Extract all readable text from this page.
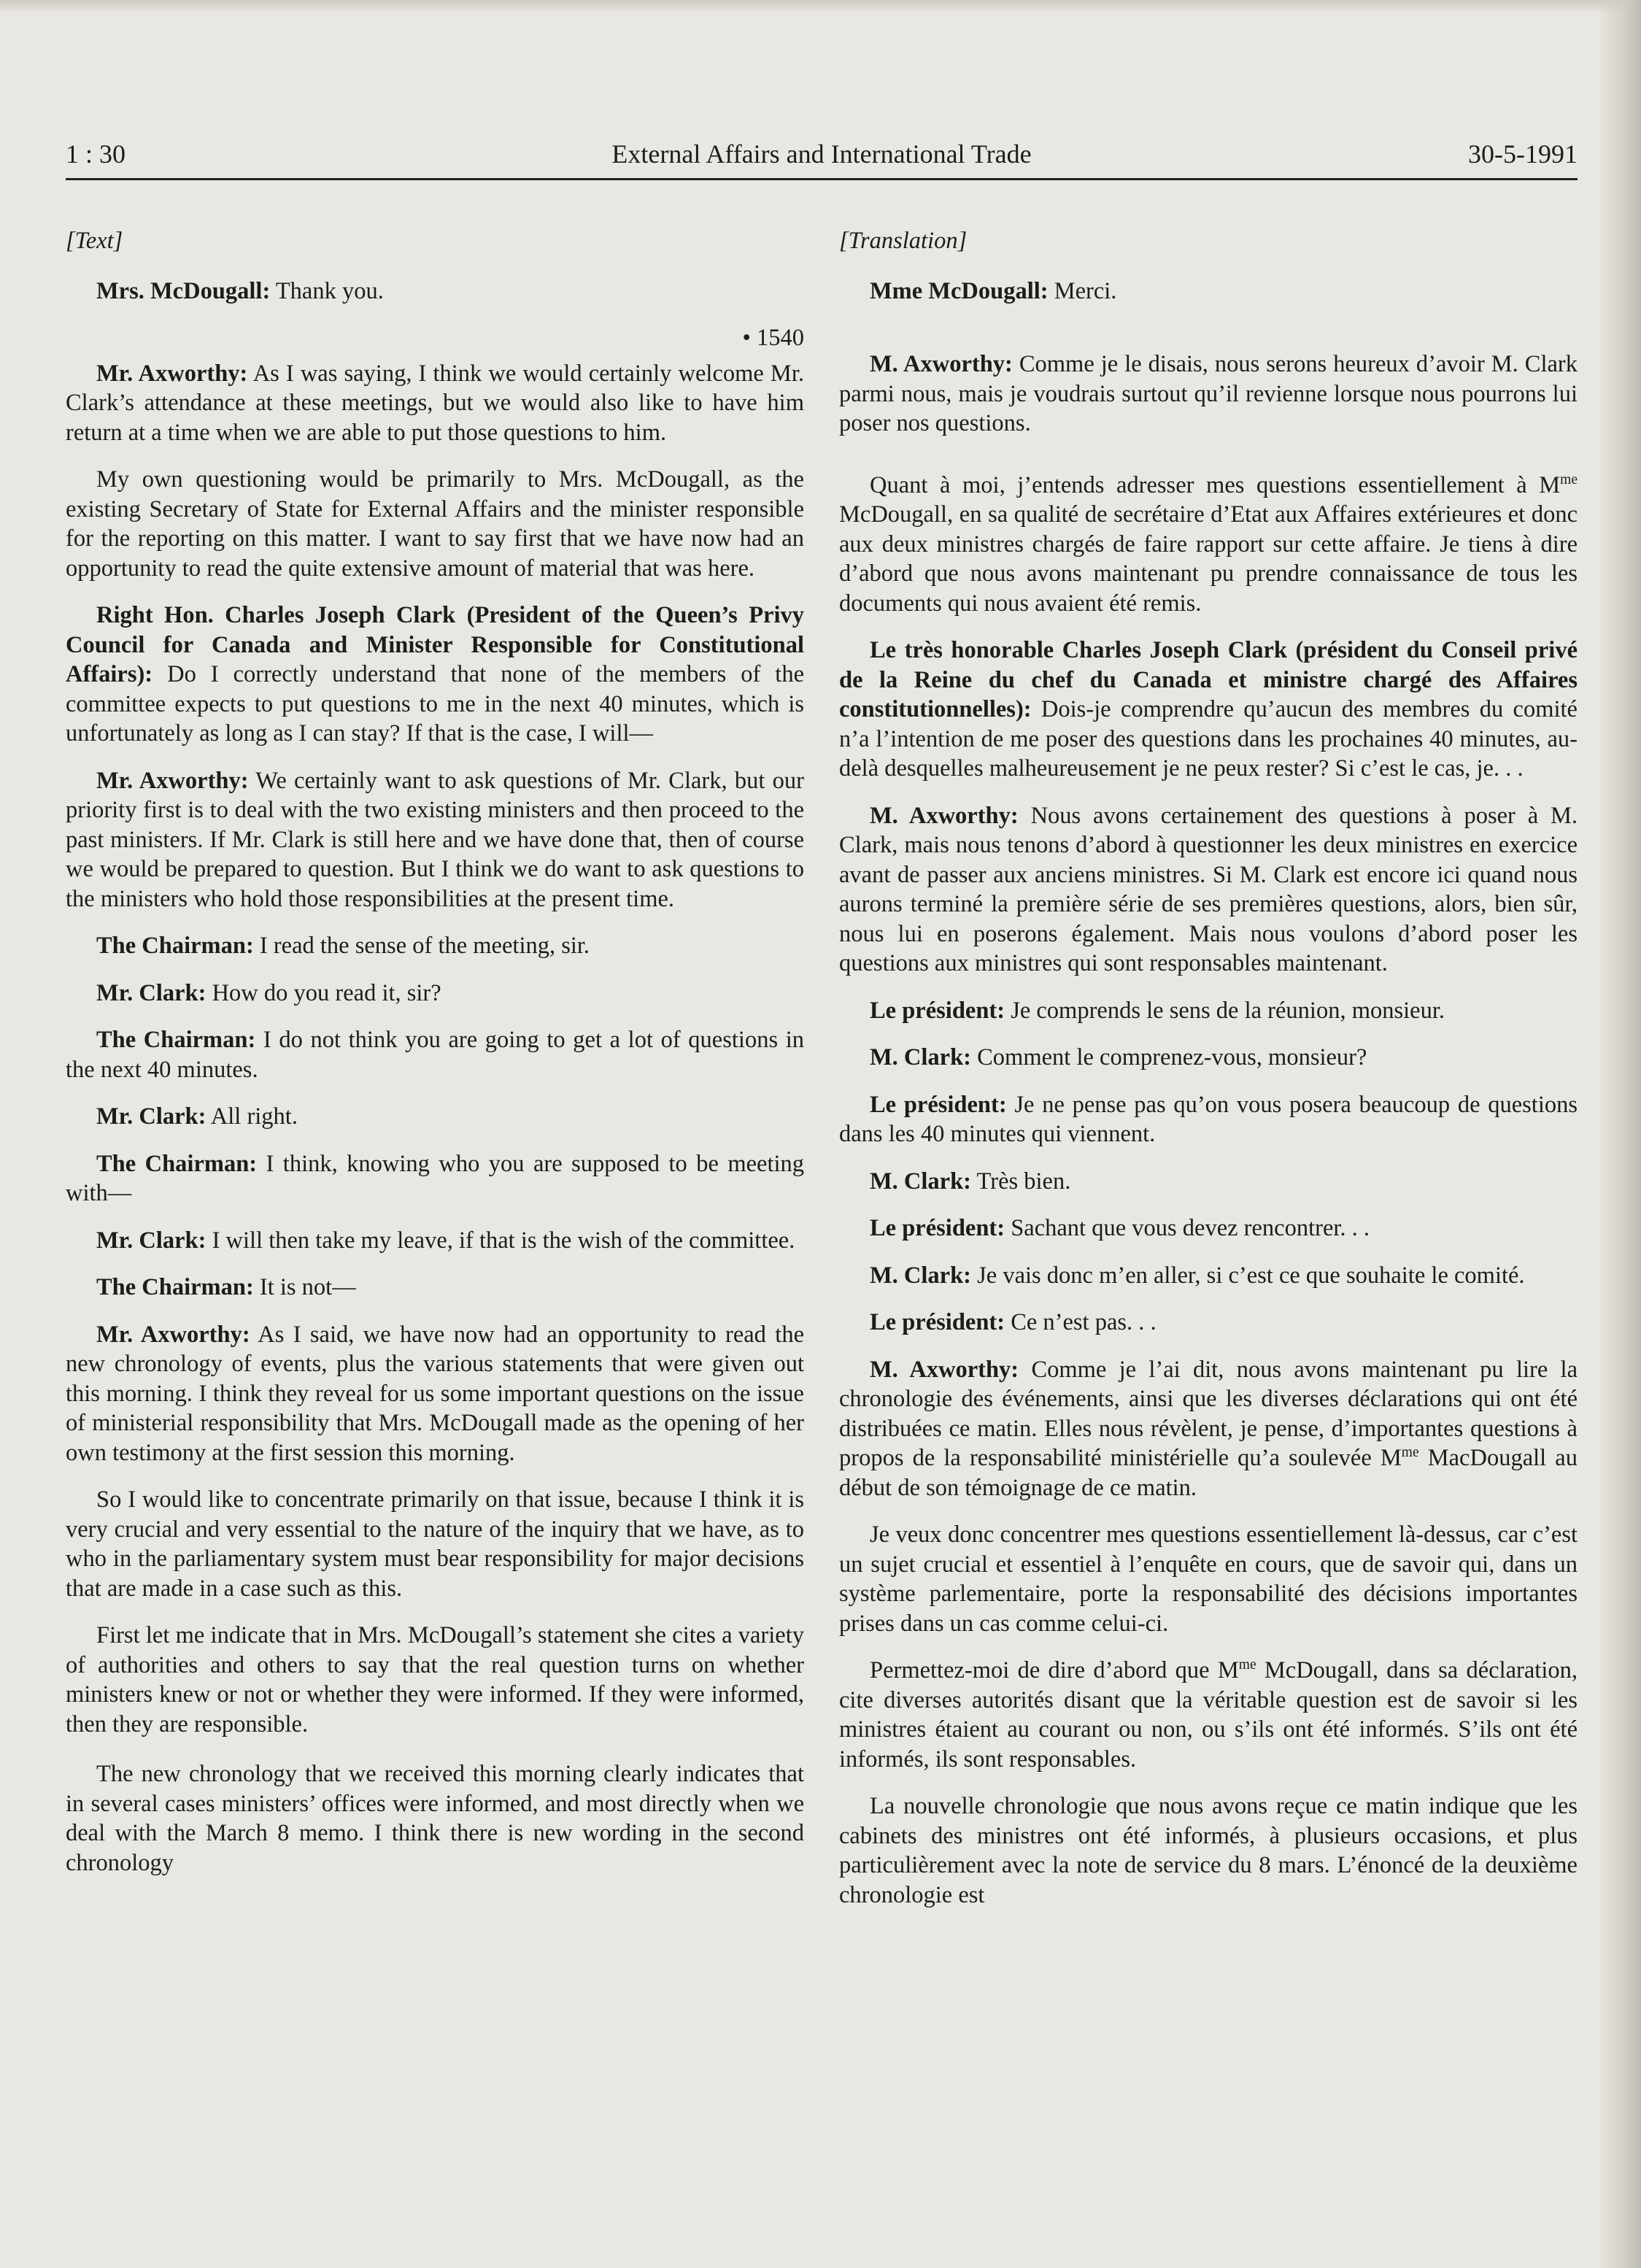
1 : 30	External Affairs and International Trade	30-5-1991
[Text]

Mrs. McDougall: Thank you.

• 1540

Mr. Axworthy: As I was saying, I think we would certainly welcome Mr. Clark’s attendance at these meetings, but we would also like to have him return at a time when we are able to put those questions to him.

My own questioning would be primarily to Mrs. McDougall, as the existing Secretary of State for External Affairs and the minister responsible for the reporting on this matter. I want to say first that we have now had an opportunity to read the quite extensive amount of material that was here.

Right Hon. Charles Joseph Clark (President of the Queen’s Privy Council for Canada and Minister Responsible for Constitutional Affairs): Do I correctly understand that none of the members of the committee expects to put questions to me in the next 40 minutes, which is unfortunately as long as I can stay? If that is the case, I will—

Mr. Axworthy: We certainly want to ask questions of Mr. Clark, but our priority first is to deal with the two existing ministers and then proceed to the past ministers. If Mr. Clark is still here and we have done that, then of course we would be prepared to question. But I think we do want to ask questions to the ministers who hold those responsibilities at the present time.

The Chairman: I read the sense of the meeting, sir.

Mr. Clark: How do you read it, sir?

The Chairman: I do not think you are going to get a lot of questions in the next 40 minutes.

Mr. Clark: All right.

The Chairman: I think, knowing who you are supposed to be meeting with—

Mr. Clark: I will then take my leave, if that is the wish of the committee.

The Chairman: It is not—

Mr. Axworthy: As I said, we have now had an opportunity to read the new chronology of events, plus the various statements that were given out this morning. I think they reveal for us some important questions on the issue of ministerial responsibility that Mrs. McDougall made as the opening of her own testimony at the first session this morning.

So I would like to concentrate primarily on that issue, because I think it is very crucial and very essential to the nature of the inquiry that we have, as to who in the parliamentary system must bear responsibility for major decisions that are made in a case such as this.

First let me indicate that in Mrs. McDougall’s statement she cites a variety of authorities and others to say that the real question turns on whether ministers knew or not or whether they were informed. If they were informed, then they are responsible.

The new chronology that we received this morning clearly indicates that in several cases ministers’ offices were informed, and most directly when we deal with the March 8 memo. I think there is new wording in the second chronology

[Translation]

Mme McDougall: Merci.

M. Axworthy: Comme je le disais, nous serons heureux d’avoir M. Clark parmi nous, mais je voudrais surtout qu’il revienne lorsque nous pourrons lui poser nos questions.

Quant à moi, j’entends adresser mes questions essentiellement à $M^{me}$ McDougall, en sa qualité de secrétaire d’Etat aux Affaires extérieures et donc aux deux ministres chargés de faire rapport sur cette affaire. Je tiens à dire d’abord que nous avons maintenant pu prendre connaissance de tous les documents qui nous avaient été remis.

Le très honorable Charles Joseph Clark (président du Conseil privé de la Reine du chef du Canada et ministre chargé des Affaires constitutionnelles): Dois-je comprendre qu’aucun des membres du comité n’a l’intention de me poser des questions dans les prochaines 40 minutes, au-delà desquelles malheureusement je ne peux rester? Si c’est le cas, je. . .

M. Axworthy: Nous avons certainement des questions à poser à M. Clark, mais nous tenons d’abord à questionner les deux ministres en exercice avant de passer aux anciens ministres. Si M. Clark est encore ici quand nous aurons terminé la première série de ses premières questions, alors, bien sûr, nous lui en poserons également. Mais nous voulons d’abord poser les questions aux ministres qui sont responsables maintenant.

Le président: Je comprends le sens de la réunion, monsieur.

M. Clark: Comment le comprenez-vous, monsieur?

Le président: Je ne pense pas qu’on vous posera beaucoup de questions dans les 40 minutes qui viennent.

M. Clark: Très bien.

Le président: Sachant que vous devez rencontrer. . .

M. Clark: Je vais donc m’en aller, si c’est ce que souhaite le comité.

Le président: Ce n’est pas. . .

M. Axworthy: Comme je l’ai dit, nous avons maintenant pu lire la chronologie des événements, ainsi que les diverses déclarations qui ont été distribuées ce matin. Elles nous révèlent, je pense, d’importantes questions à propos de la responsabilité ministérielle qu’a soulevée $M^{me}$ MacDougall au début de son témoignage de ce matin.

Je veux donc concentrer mes questions essentiellement là-dessus, car c’est un sujet crucial et essentiel à l’enquête en cours, que de savoir qui, dans un système parlementaire, porte la responsabilité des décisions importantes prises dans un cas comme celui-ci.

Permettez-moi de dire d’abord que $M^{me}$ McDougall, dans sa déclaration, cite diverses autorités disant que la véritable question est de savoir si les ministres étaient au courant ou non, ou s’ils ont été informés. S’ils ont été informés, ils sont responsables.

La nouvelle chronologie que nous avons reçue ce matin indique que les cabinets des ministres ont été informés, à plusieurs occasions, et plus particulièrement avec la note de service du 8 mars. L’énoncé de la deuxième chronologie est
